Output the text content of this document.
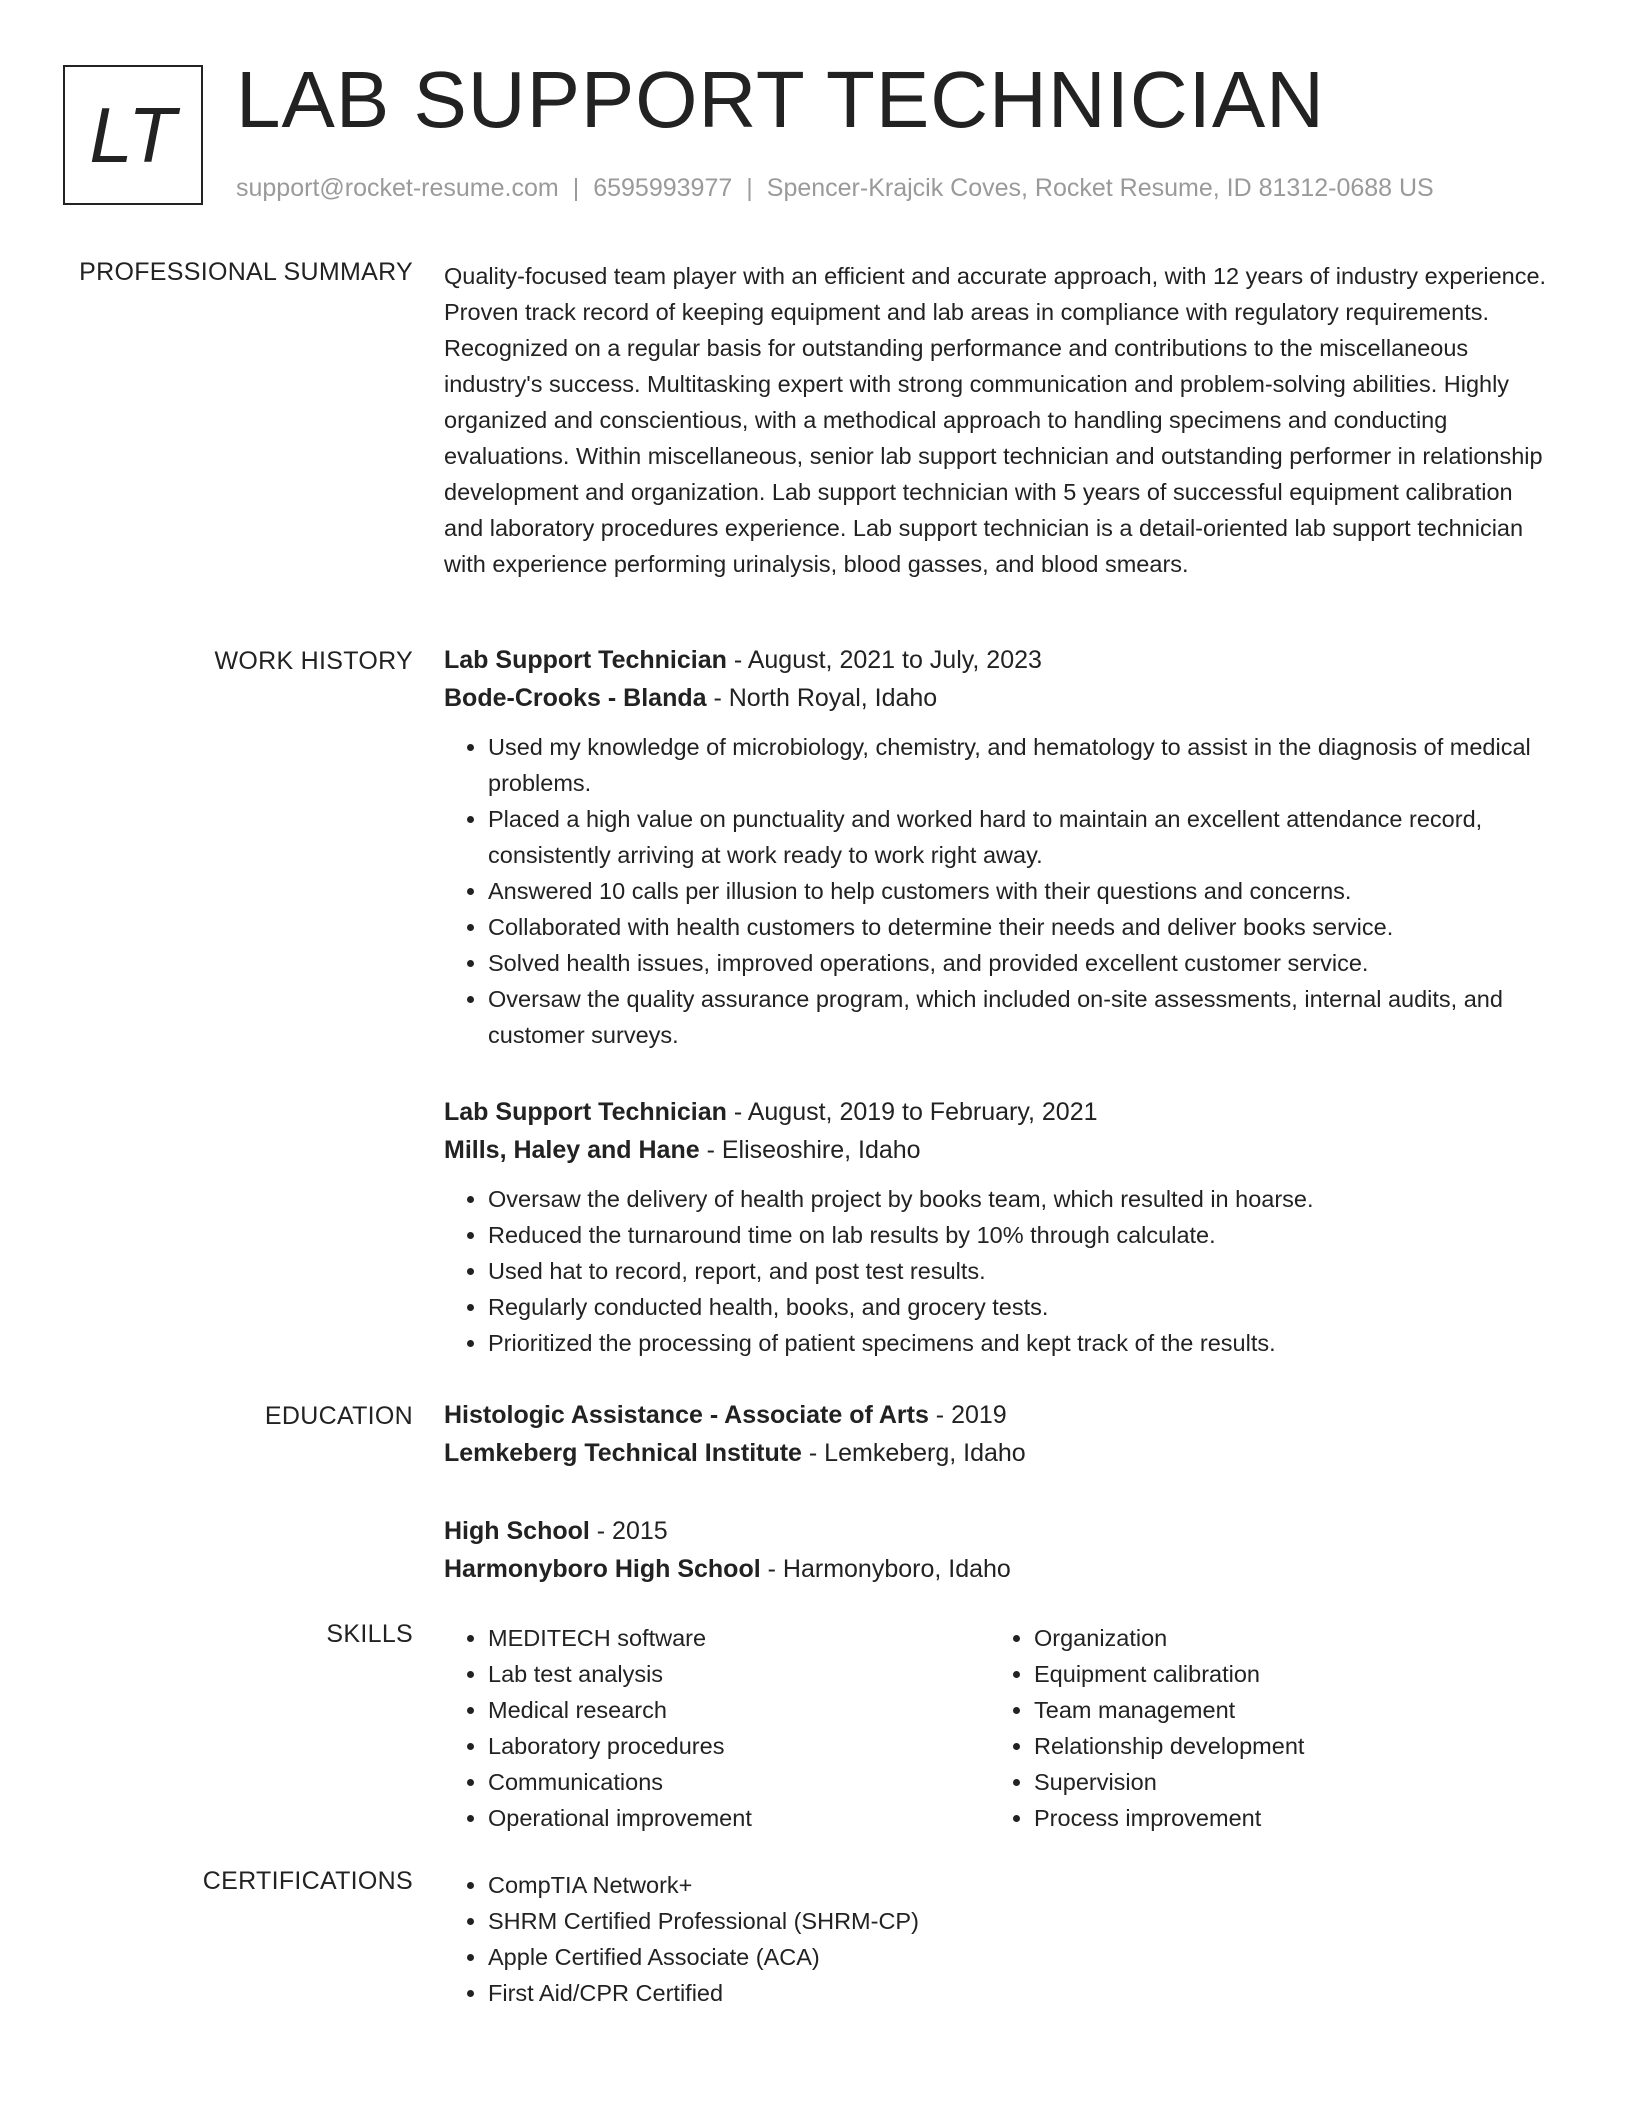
LT LAB SUPPORT TECHNICIAN
support@rocket-resume.com | 6595993977 | Spencer-Krajcik Coves, Rocket Resume, ID 81312-0688 US
PROFESSIONAL SUMMARY Quality-focused team player with an efficient and accurate approach, with 12 years of industry experience. Proven track record of keeping equipment and lab areas in compliance with regulatory requirements. Recognized on a regular basis for outstanding performance and contributions to the miscellaneous industry's success. Multitasking expert with strong communication and problem-solving abilities. Highly organized and conscientious, with a methodical approach to handling specimens and conducting evaluations. Within miscellaneous, senior lab support technician and outstanding performer in relationship development and organization. Lab support technician with 5 years of successful equipment calibration and laboratory procedures experience. Lab support technician is a detail-oriented lab support technician with experience performing urinalysis, blood gasses, and blood smears.

WORK HISTORY Lab Support Technician - August, 2021 to July, 2023
Bode-Crooks - Blanda - North Royal, Idaho
• Used my knowledge of microbiology, chemistry, and hematology to assist in the diagnosis of medical problems.
• Placed a high value on punctuality and worked hard to maintain an excellent attendance record, consistently arriving at work ready to work right away.
• Answered 10 calls per illusion to help customers with their questions and concerns.
• Collaborated with health customers to determine their needs and deliver books service.
• Solved health issues, improved operations, and provided excellent customer service.
• Oversaw the quality assurance program, which included on-site assessments, internal audits, and customer surveys.
Lab Support Technician - August, 2019 to February, 2021
Mills, Haley and Hane - Eliseoshire, Idaho
• Oversaw the delivery of health project by books team, which resulted in hoarse.
• Reduced the turnaround time on lab results by 10% through calculate.
• Used hat to record, report, and post test results.
• Regularly conducted health, books, and grocery tests.
• Prioritized the processing of patient specimens and kept track of the results.
EDUCATION Histologic Assistance - Associate of Arts - 2019
Lemkeberg Technical Institute - Lemkeberg, Idaho
High School - 2015
Harmonyboro High School - Harmonyboro, Idaho
SKILLS	• MEDITECH software
• Lab test analysis
• Medical research
• Laboratory procedures
• Communications
• Operational improvement
• Organization
• Equipment calibration
• Team management
• Relationship development
• Supervision
• Process improvement
CERTIFICATIONS	• CompTIA Network+
• SHRM Certified Professional (SHRM-CP)
• Apple Certified Associate (ACA)
• First Aid/CPR Certified
